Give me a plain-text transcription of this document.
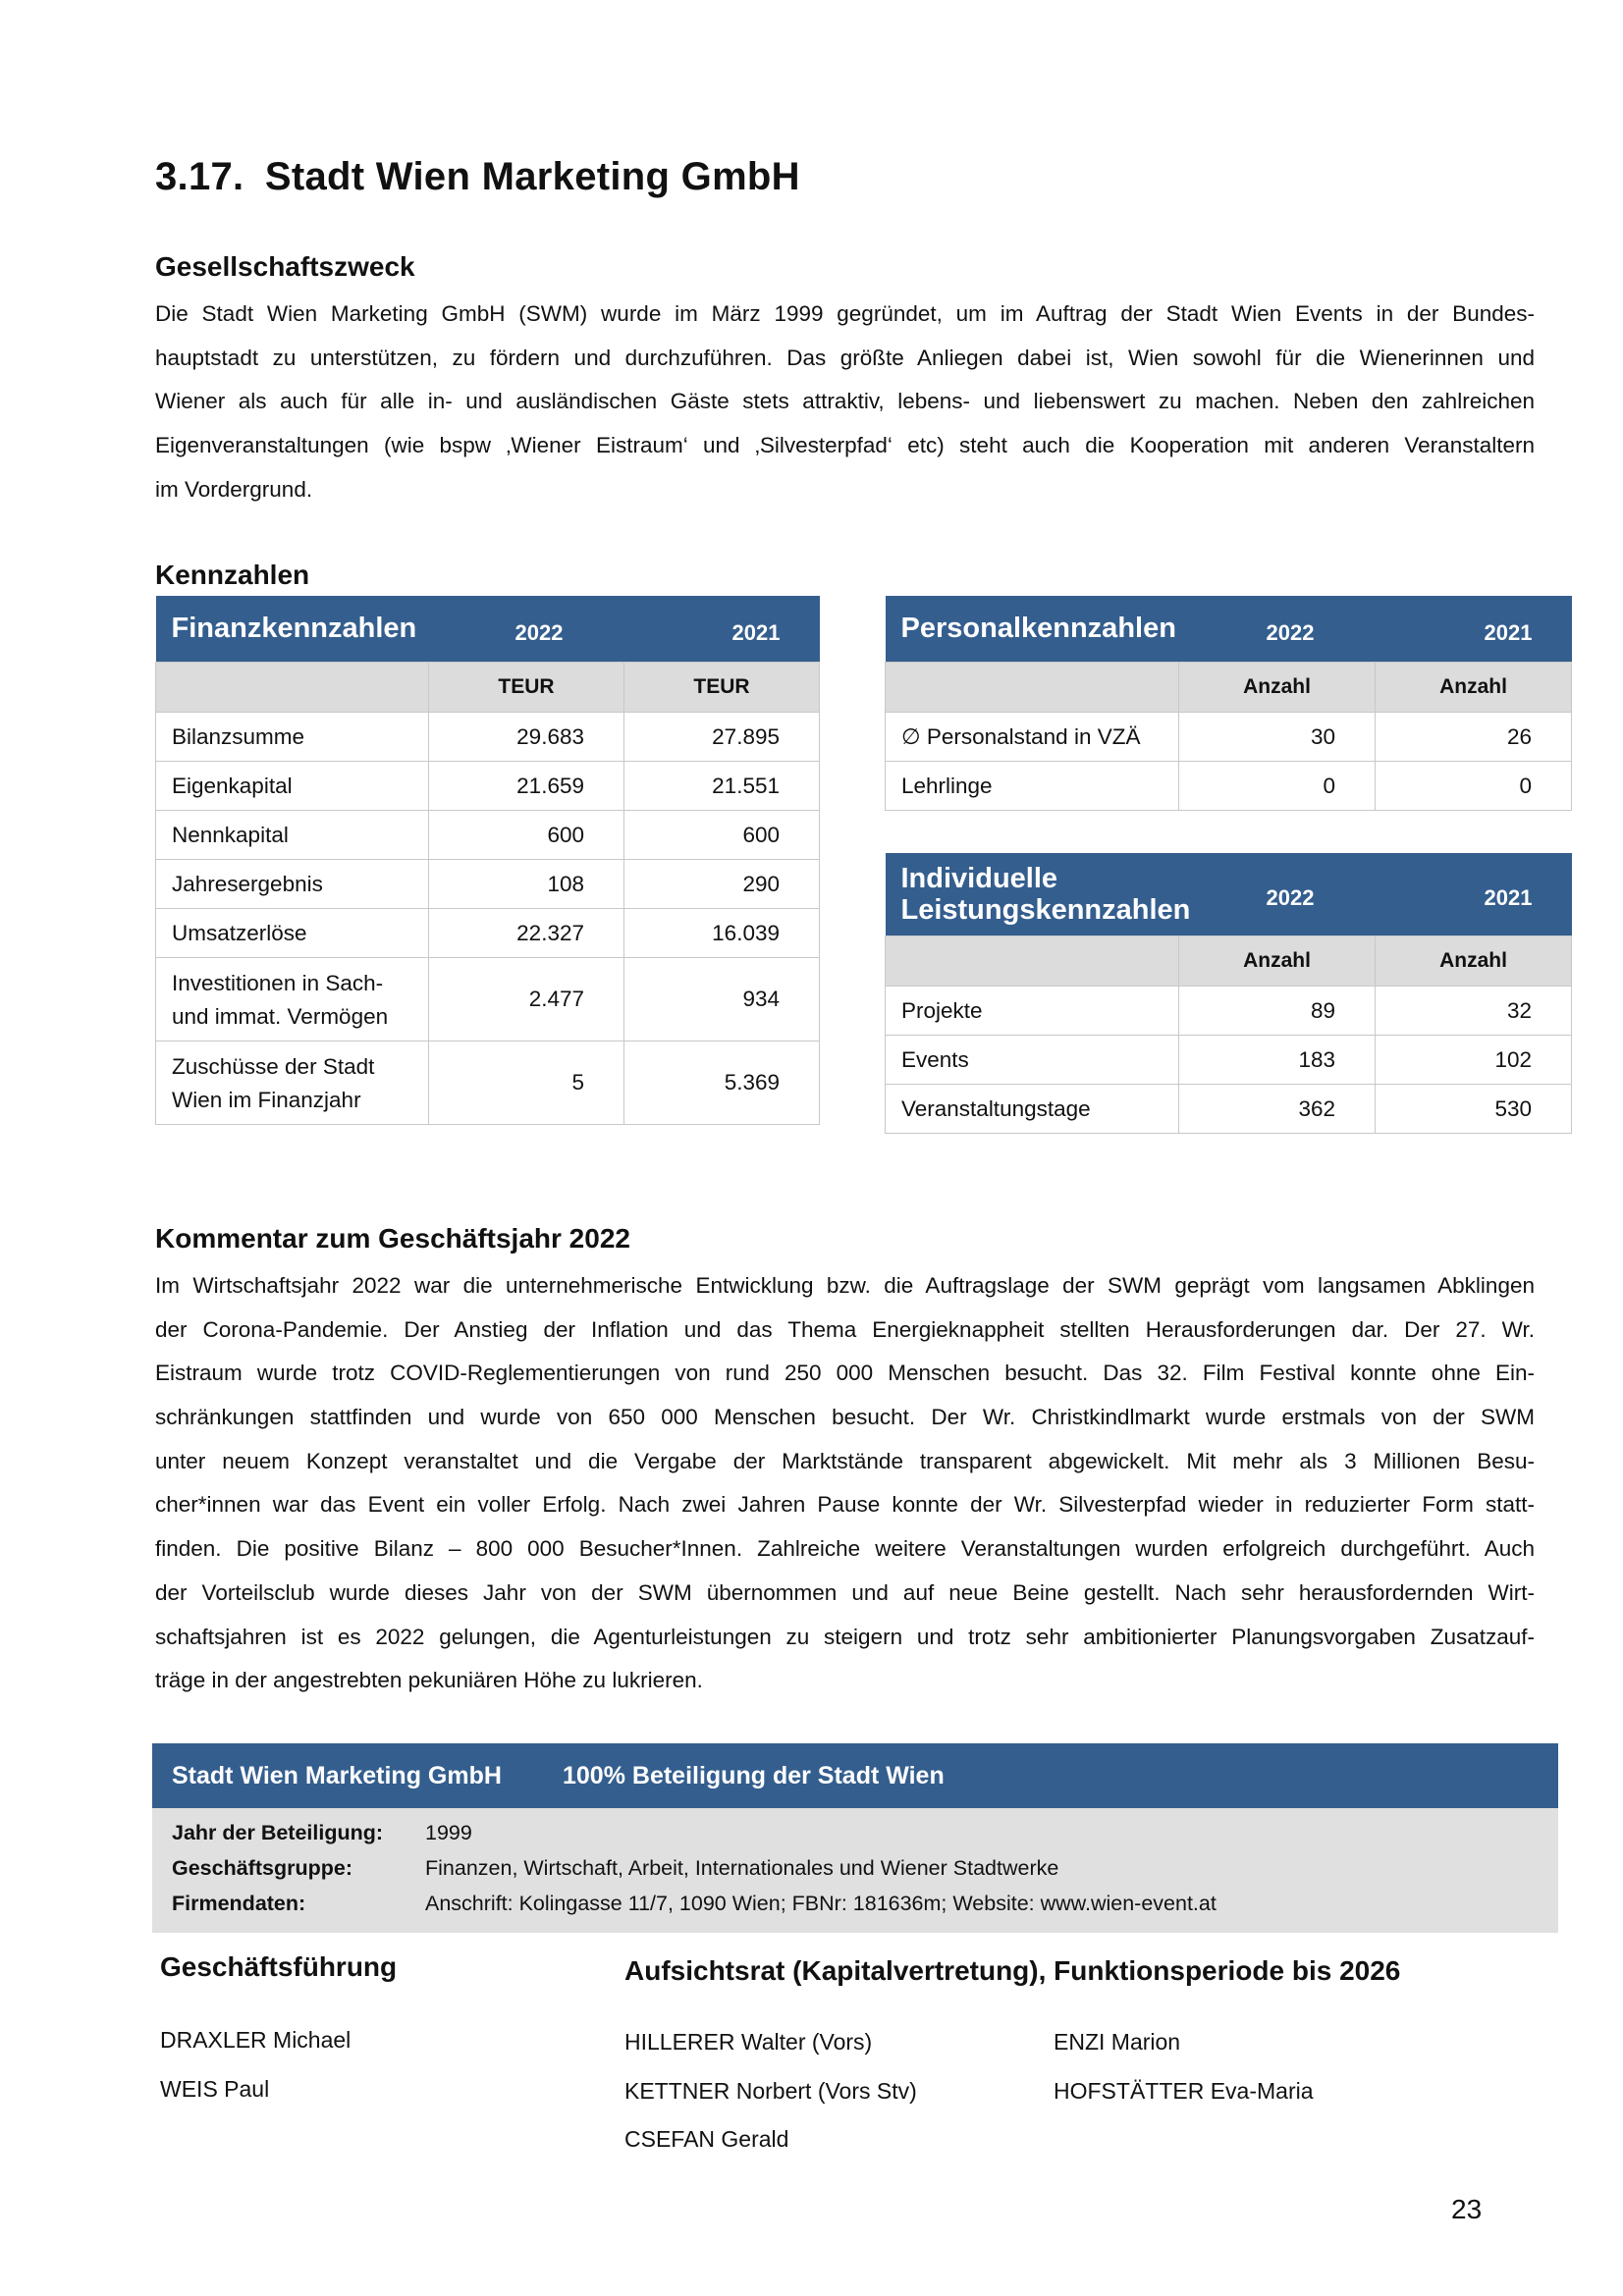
3.17. Stadt Wien Marketing GmbH
Gesellschaftszweck
Die Stadt Wien Marketing GmbH (SWM) wurde im März 1999 gegründet, um im Auftrag der Stadt Wien Events in der Bundes-
hauptstadt zu unterstützen, zu fördern und durchzuführen. Das größte Anliegen dabei ist, Wien sowohl für die Wienerinnen und
Wiener als auch für alle in- und ausländischen Gäste stets attraktiv, lebens- und liebenswert zu machen. Neben den zahlreichen
Eigenveranstaltungen (wie bspw ‚Wiener Eistraum‘ und ‚Silvesterpfad‘ etc) steht auch die Kooperation mit anderen Veranstaltern
im Vordergrund.
Kennzahlen
Finanzkennzahlen	2022	2021
	TEUR	TEUR
Bilanzsumme	29.683	27.895
Eigenkapital	21.659	21.551
Nennkapital	600	600
Jahresergebnis	108	290
Umsatzerlöse	22.327	16.039
Investitionen in Sach-
und immat. Vermögen	2.477	934
Zuschüsse der Stadt
Wien im Finanzjahr	5	5.369
Personalkennzahlen	2022	2021
	Anzahl	Anzahl
∅ Personalstand in VZÄ	30	26
Lehrlinge	0	0
Individuelle
Leistungskennzahlen	2022	2021
	Anzahl	Anzahl
Projekte	89	32
Events	183	102
Veranstaltungstage	362	530
Kommentar zum Geschäftsjahr 2022
Im Wirtschaftsjahr 2022 war die unternehmerische Entwicklung bzw. die Auftragslage der SWM geprägt vom langsamen Abklingen
der Corona-Pandemie. Der Anstieg der Inflation und das Thema Energieknappheit stellten Herausforderungen dar. Der 27. Wr.
Eistraum wurde trotz COVID-Reglementierungen von rund 250 000 Menschen besucht. Das 32. Film Festival konnte ohne Ein-
schränkungen stattfinden und wurde von 650 000 Menschen besucht. Der Wr. Christkindlmarkt wurde erstmals von der SWM
unter neuem Konzept veranstaltet und die Vergabe der Marktstände transparent abgewickelt. Mit mehr als 3 Millionen Besu-
cher*innen war das Event ein voller Erfolg. Nach zwei Jahren Pause konnte der Wr. Silvesterpfad wieder in reduzierter Form statt-
finden. Die positive Bilanz – 800 000 Besucher*Innen. Zahlreiche weitere Veranstaltungen wurden erfolgreich durchgeführt. Auch
der Vorteilsclub wurde dieses Jahr von der SWM übernommen und auf neue Beine gestellt. Nach sehr herausfordernden Wirt-
schaftsjahren ist es 2022 gelungen, die Agenturleistungen zu steigern und trotz sehr ambitionierter Planungsvorgaben Zusatzauf-
träge in der angestrebten pekuniären Höhe zu lukrieren.
Stadt Wien Marketing GmbH 100% Beteiligung der Stadt Wien
Jahr der Beteiligung: 1999
Geschäftsgruppe:	Finanzen, Wirtschaft, Arbeit, Internationales und Wiener Stadtwerke
Firmendaten:	Anschrift: Kolingasse 11/7, 1090 Wien; FBNr: 181636m; Website: www.wien-event.at
Geschäftsführung
DRAXLER Michael
WEIS Paul
Aufsichtsrat (Kapitalvertretung), Funktionsperiode bis 2026
HILLERER Walter (Vors)
KETTNER Norbert (Vors Stv)
CSEFAN Gerald
ENZI Marion
HOFSTÄTTER Eva-Maria
23
